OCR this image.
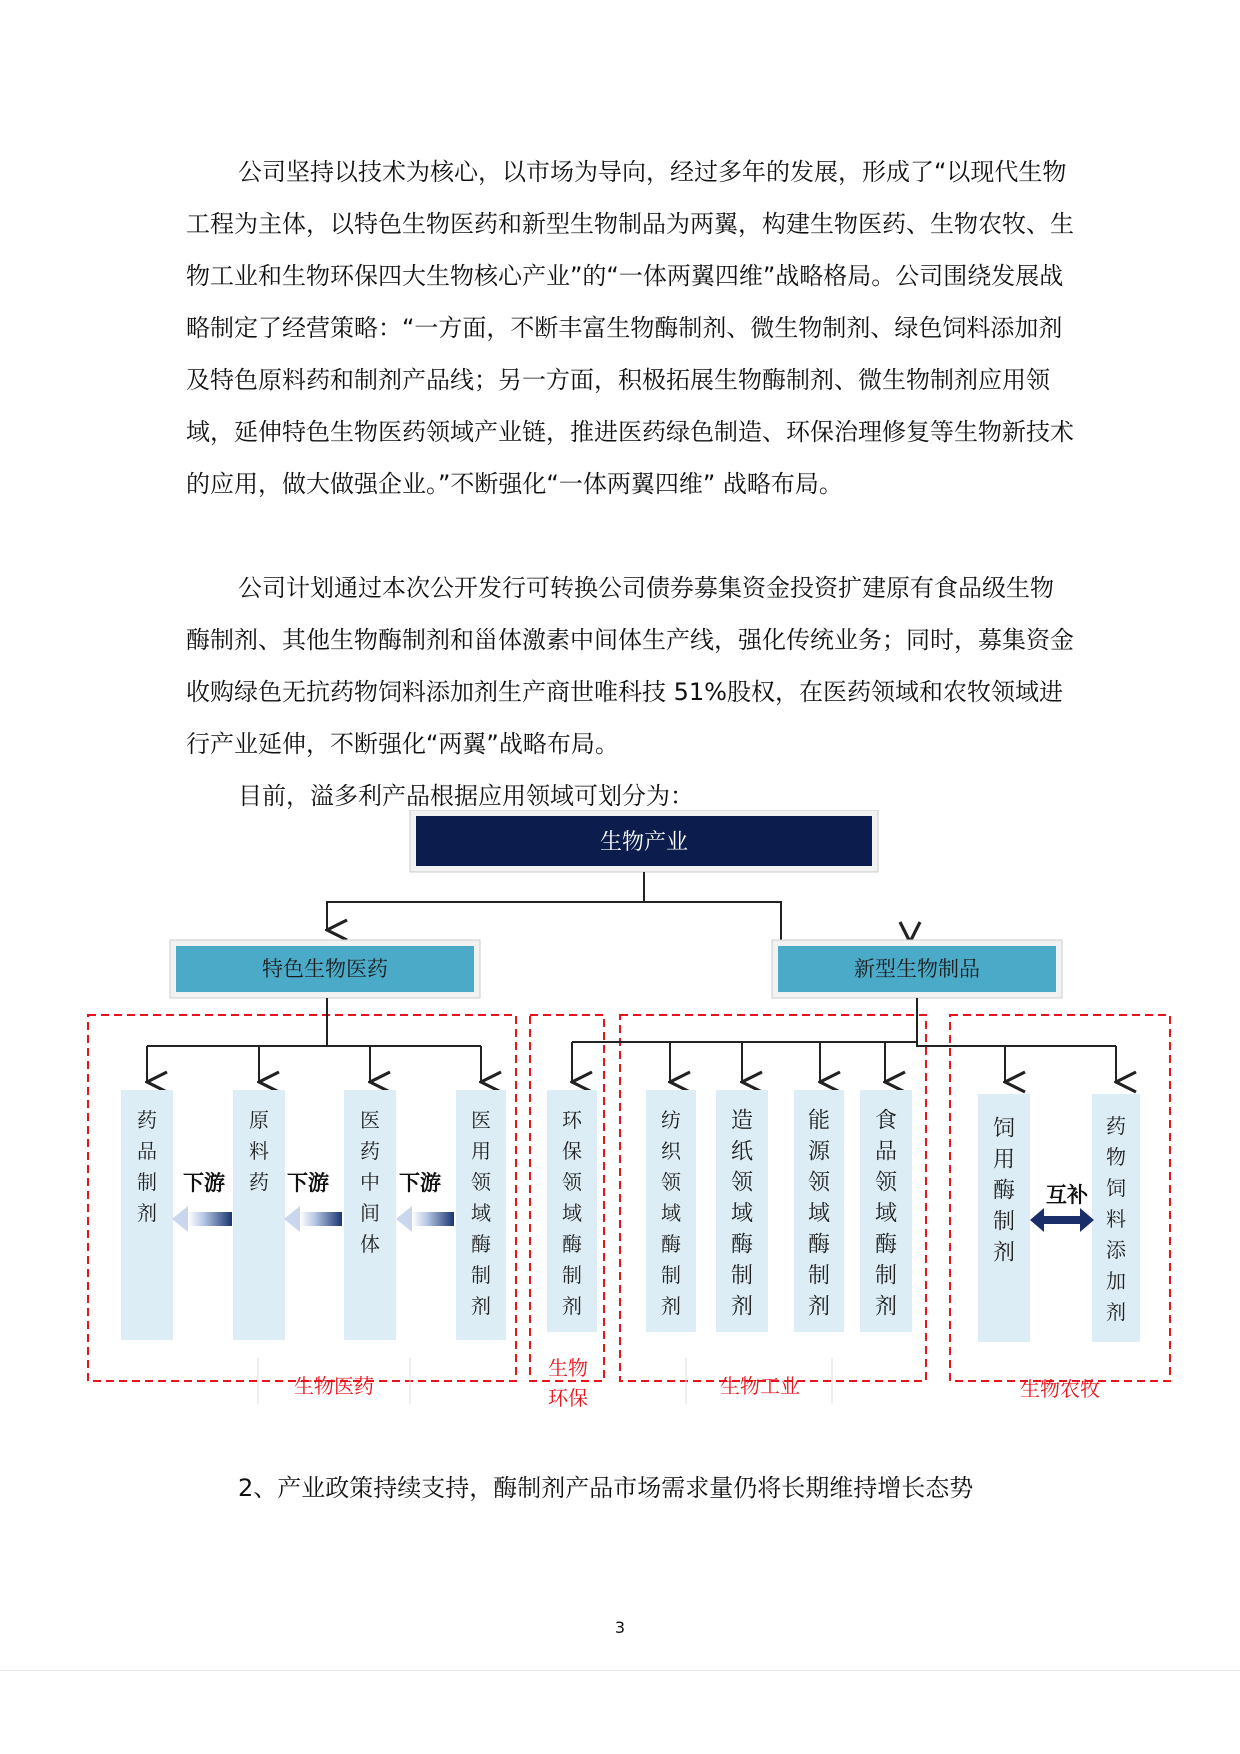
公司坚持以技术为核心，以市场为导向，经过多年的发展，形成了“以现代生物工程为主体，以特色生物医药和新型生物制品为两翼，构建生物医药、生物农牧、生物工业和生物环保四大生物核心产业”的“一体两翼四维”战略格局。公司围绕发展战略制定了经营策略：“一方面，不断丰富生物酶制剂、微生物制剂、绿色饲料添加剂及特色原料药和制剂产品线；另一方面，积极拓展生物酶制剂、微生物制剂应用领域，延伸特色生物医药领域产业链，推进医药绿色制造、环保治理修复等生物新技术的应用，做大做强企业。”不断强化“一体两翼四维” 战略布局。

公司计划通过本次公开发行可转换公司债券募集资金投资扩建原有食品级生物酶制剂、其他生物酶制剂和甾体激素中间体生产线，强化传统业务；同时，募集资金收购绿色无抗药物饲料添加剂生产商世唯科技 51%股权，在医药领域和农牧领域进行产业延伸，不断强化“两翼”战略布局。

目前，溢多利产品根据应用领域可划分为：

生物产业
特色生物医药	新型生物制品
药
品
制
剂
原
料
药
医
药
中
间
体
医
用
领
域
酶
制
剂
环
保
领
域
酶
制
剂
纺
织
领
域
酶
制
剂
造
纸
领
域
酶
制
剂
能
源
领
域
酶
制
剂
食
品
领
域
酶
制
剂
饲
用
酶
制
剂
药
物
饲
料
添
加
剂
下游	下游	下游	互补
生物医药
生物
环保	生物工业	生物农牧

2、产业政策持续支持，酶制剂产品市场需求量仍将长期维持增长态势

3
